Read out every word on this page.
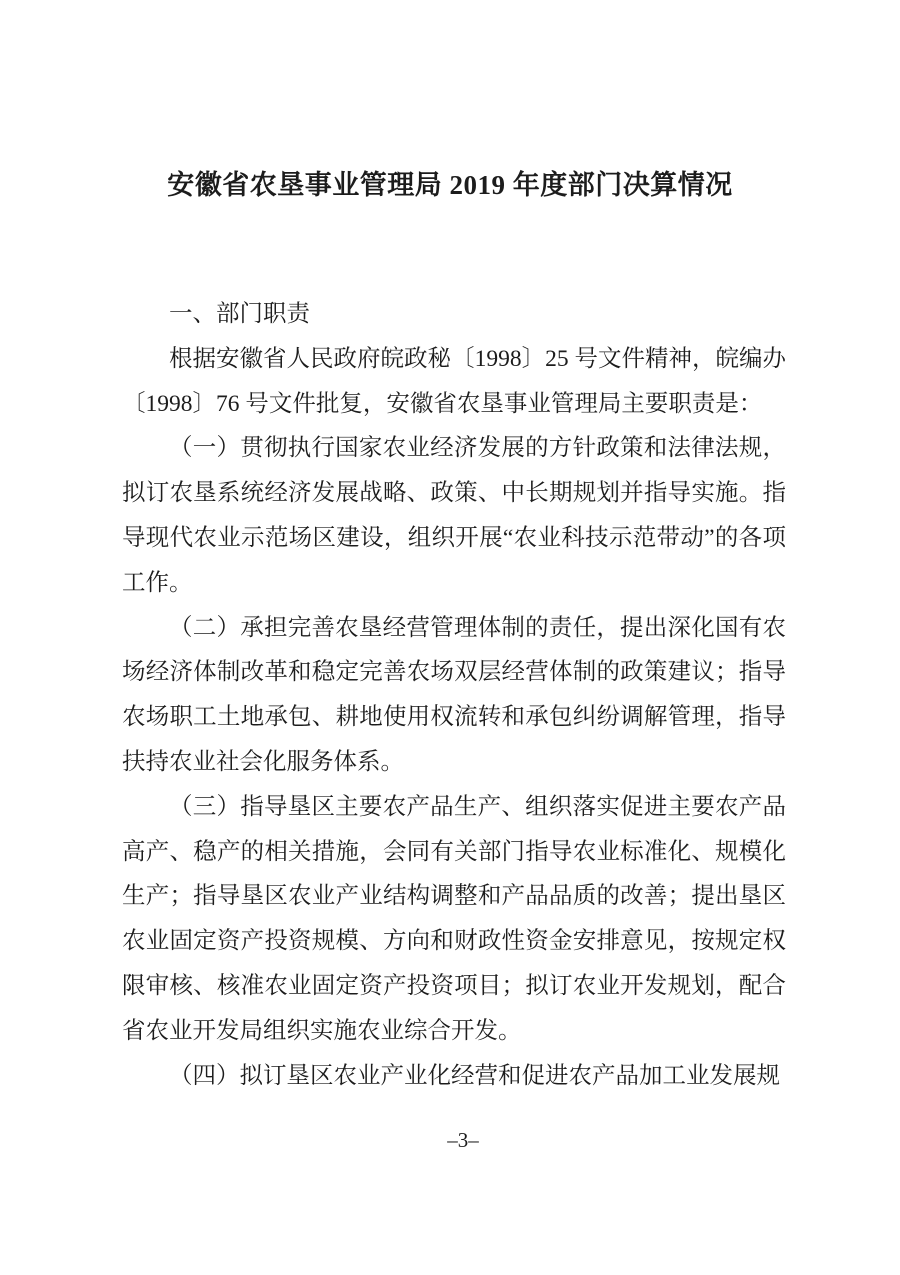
安徽省农垦事业管理局 2019 年度部门决算情况

一、部门职责

根据安徽省人民政府皖政秘〔1998〕25 号文件精神，皖编办〔1998〕76 号文件批复，安徽省农垦事业管理局主要职责是：

（一）贯彻执行国家农业经济发展的方针政策和法律法规，拟订农垦系统经济发展战略、政策、中长期规划并指导实施。指导现代农业示范场区建设，组织开展“农业科技示范带动”的各项工作。

（二）承担完善农垦经营管理体制的责任，提出深化国有农场经济体制改革和稳定完善农场双层经营体制的政策建议；指导农场职工土地承包、耕地使用权流转和承包纠纷调解管理，指导扶持农业社会化服务体系。

（三）指导垦区主要农产品生产、组织落实促进主要农产品高产、稳产的相关措施，会同有关部门指导农业标准化、规模化生产；指导垦区农业产业结构调整和产品品质的改善；提出垦区农业固定资产投资规模、方向和财政性资金安排意见，按规定权限审核、核准农业固定资产投资项目；拟订农业开发规划，配合省农业开发局组织实施农业综合开发。

（四）拟订垦区农业产业化经营和促进农产品加工业发展规

–3–
